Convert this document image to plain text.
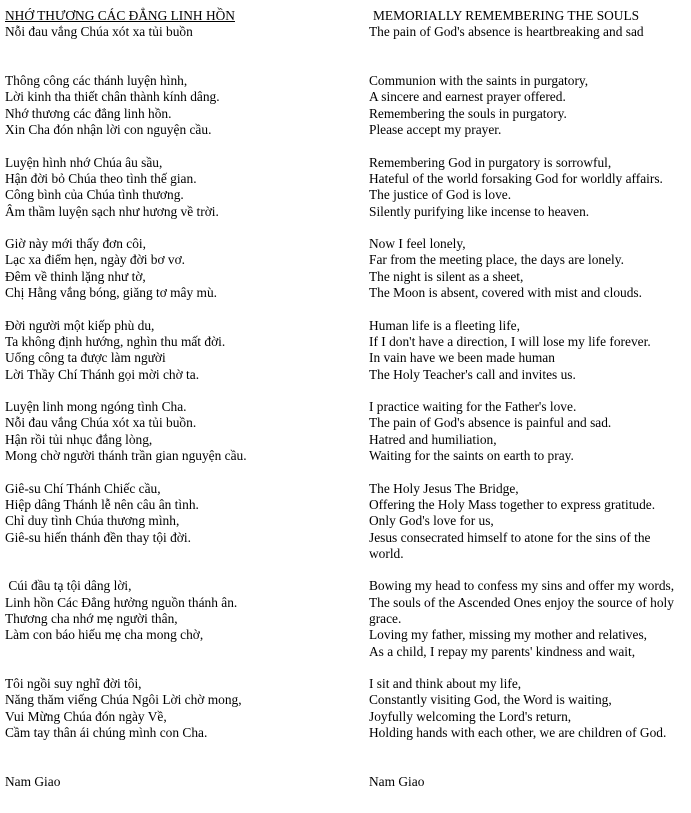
NHỚ THƯƠNG CÁC ĐẲNG LINH HỒN
Nỗi đau vắng Chúa xót xa tủi buồn
Thông công các thánh luyện hình,
Lời kinh tha thiết chân thành kính dâng.
Nhớ thương các đẳng linh hồn.
Xin Cha đón nhận lời con nguyện cầu.
Luyện hình nhớ Chúa âu sầu,
Hận đời bỏ Chúa theo tình thế gian.
Công bình của Chúa tình thương.
Âm thầm luyện sạch như hương về trời.
Giờ này mới thấy đơn côi,
Lạc xa điểm hẹn, ngày đời bơ vơ.
Đêm về thinh lặng như tờ,
Chị Hằng vắng bóng, giăng tơ mây mù.
Đời người một kiếp phù du,
Ta không định hướng, nghìn thu mất đời.
Uổng công ta được làm người
Lời Thầy Chí Thánh gọi mời chờ ta.
Luyện linh mong ngóng tình Cha.
Nỗi đau vắng Chúa xót xa tủi buồn.
Hận rồi tủi nhục đắng lòng,
Mong chờ người thánh trần gian nguyện cầu.
Giê-su Chí Thánh Chiếc cầu,
Hiệp dâng Thánh lễ nên câu ân tình.
Chỉ duy tình Chúa thương mình,
Giê-su hiến thánh đền thay tội đời.
Cúi đầu tạ tội dâng lời,
Linh hồn Các Đẳng hưởng nguồn thánh ân.
Thương cha nhớ mẹ người thân,
Làm con báo hiếu mẹ cha mong chờ,
Tôi ngồi suy nghĩ đời tôi,
Năng thăm viếng Chúa Ngôi Lời chờ mong,
Vui Mừng Chúa đón ngày Về,
Cầm tay thân ái chúng mình con Cha.
Nam Giao
MEMORIALLY REMEMBERING THE SOULS
The pain of God's absence is heartbreaking and sad
Communion with the saints in purgatory,
A sincere and earnest prayer offered.
Remembering the souls in purgatory.
Please accept my prayer.
Remembering God in purgatory is sorrowful,
Hateful of the world forsaking God for worldly affairs.
The justice of God is love.
Silently purifying like incense to heaven.
Now I feel lonely,
Far from the meeting place, the days are lonely.
The night is silent as a sheet,
The Moon is absent, covered with mist and clouds.
Human life is a fleeting life,
If I don't have a direction, I will lose my life forever.
In vain have we been made human
The Holy Teacher's call and invites us.
I practice waiting for the Father's love.
The pain of God's absence is painful and sad.
Hatred and humiliation,
Waiting for the saints on earth to pray.
The Holy Jesus The Bridge,
Offering the Holy Mass together to express gratitude.
Only God's love for us,
Jesus consecrated himself to atone for the sins of the world.
Bowing my head to confess my sins and offer my words,
The souls of the Ascended Ones enjoy the source of holy grace.
Loving my father, missing my mother and relatives,
As a child, I repay my parents' kindness and wait,
I sit and think about my life,
Constantly visiting God, the Word is waiting,
Joyfully welcoming the Lord's return,
Holding hands with each other, we are children of God.
Nam Giao
